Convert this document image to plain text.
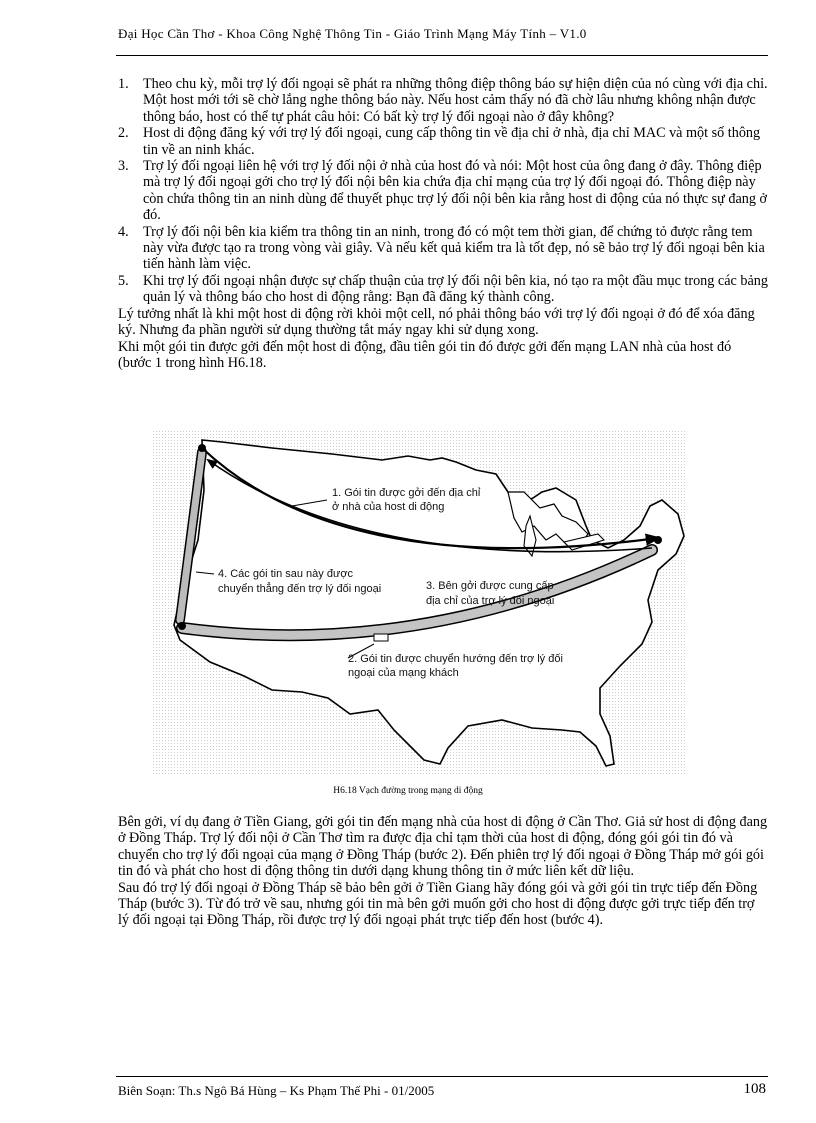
Đại Học Cần Thơ - Khoa Công Nghệ Thông Tin - Giáo Trình Mạng Máy Tính – V1.0
1. Theo chu kỳ, mỗi trợ lý đối ngoại sẽ phát ra những thông điệp thông báo sự hiện diện của nó cùng với địa chỉ. Một host mới tới sẽ chờ lắng nghe thông báo này. Nếu host cảm thấy nó đã chờ lâu nhưng không nhận được thông báo, host có thể tự phát câu hỏi: Có bất kỳ trợ lý đối ngoại nào ở đây không?
2. Host di động đăng ký với trợ lý đối ngoại, cung cấp thông tin về địa chỉ ở nhà, địa chỉ MAC và một số thông tin về an ninh khác.
3. Trợ lý đối ngoại liên hệ với trợ lý đối nội ở nhà của host đó và nói: Một host của ông đang ở đây. Thông điệp mà trợ lý đối ngoại gởi cho trợ lý đối nội bên kia chứa địa chỉ mạng của trợ lý đối ngoại đó. Thông điệp này còn chứa thông tin an ninh dùng để thuyết phục trợ lý đối nội bên kia rằng host di động của nó thực sự đang ở đó.
4. Trợ lý đối nội bên kia kiểm tra thông tin an ninh, trong đó có một tem thời gian, để chứng tỏ được rằng tem này vừa được tạo ra trong vòng vài giây. Và nếu kết quả kiểm tra là tốt đẹp, nó sẽ bảo trợ lý đối ngoại bên kia tiến hành làm việc.
5. Khi trợ lý đối ngoại nhận được sự chấp thuận của trợ lý đối nội bên kia, nó tạo ra một đầu mục trong các bảng quản lý và thông báo cho host di động rằng: Bạn đã đăng ký thành công.

Lý tưởng nhất là khi một host di động rời khỏi một cell, nó phải thông báo với trợ lý đối ngoại ở đó để xóa đăng ký. Nhưng đa phần người sử dụng thường tắt máy ngay khi sử dụng xong.

Khi một gói tin được gởi đến một host di động, đầu tiên gói tin đó được gởi đến mạng LAN nhà của host đó (bước 1 trong hình H6.18.

1. Gói tin được gởi đến địa chỉ
ở nhà của host di động
4. Các gói tin sau này được
chuyển thẳng đến trợ lý đối ngoại	3. Bên gởi được cung cấp
địa chỉ của trợ lý đối ngoại
2. Gói tin được chuyển hướng đến trợ lý đối
ngoại của mạng khách
H6.18 Vạch đường trong mạng di động

Bên gởi, ví dụ đang ở Tiền Giang, gởi gói tin đến mạng nhà của host di động ở Cần Thơ. Giả sử host di động đang ở Đồng Tháp. Trợ lý đối nội ở Cần Thơ tìm ra được địa chỉ tạm thời của host di động, đóng gói gói tin đó và chuyển cho trợ lý đối ngoại của mạng ở Đồng Tháp (bước 2). Đến phiên trợ lý đối ngoại ở Đồng Tháp mở gói gói tin đó và phát cho host di động thông tin dưới dạng khung thông tin ở mức liên kết dữ liệu.

Sau đó trợ lý đối ngoại ở Đồng Tháp sẽ bảo bên gởi ở Tiền Giang hãy đóng gói và gởi gói tin trực tiếp đến Đồng Tháp (bước 3). Từ đó trở về sau, nhưng gói tin mà bên gởi muốn gởi cho host di động được gởi trực tiếp đến trợ lý đối ngoại tại Đồng Tháp, rồi được trợ lý đối ngoại phát trực tiếp đến host (bước 4).

Biên Soạn: Th.s Ngô Bá Hùng – Ks Phạm Thế Phi - 01/2005	108
